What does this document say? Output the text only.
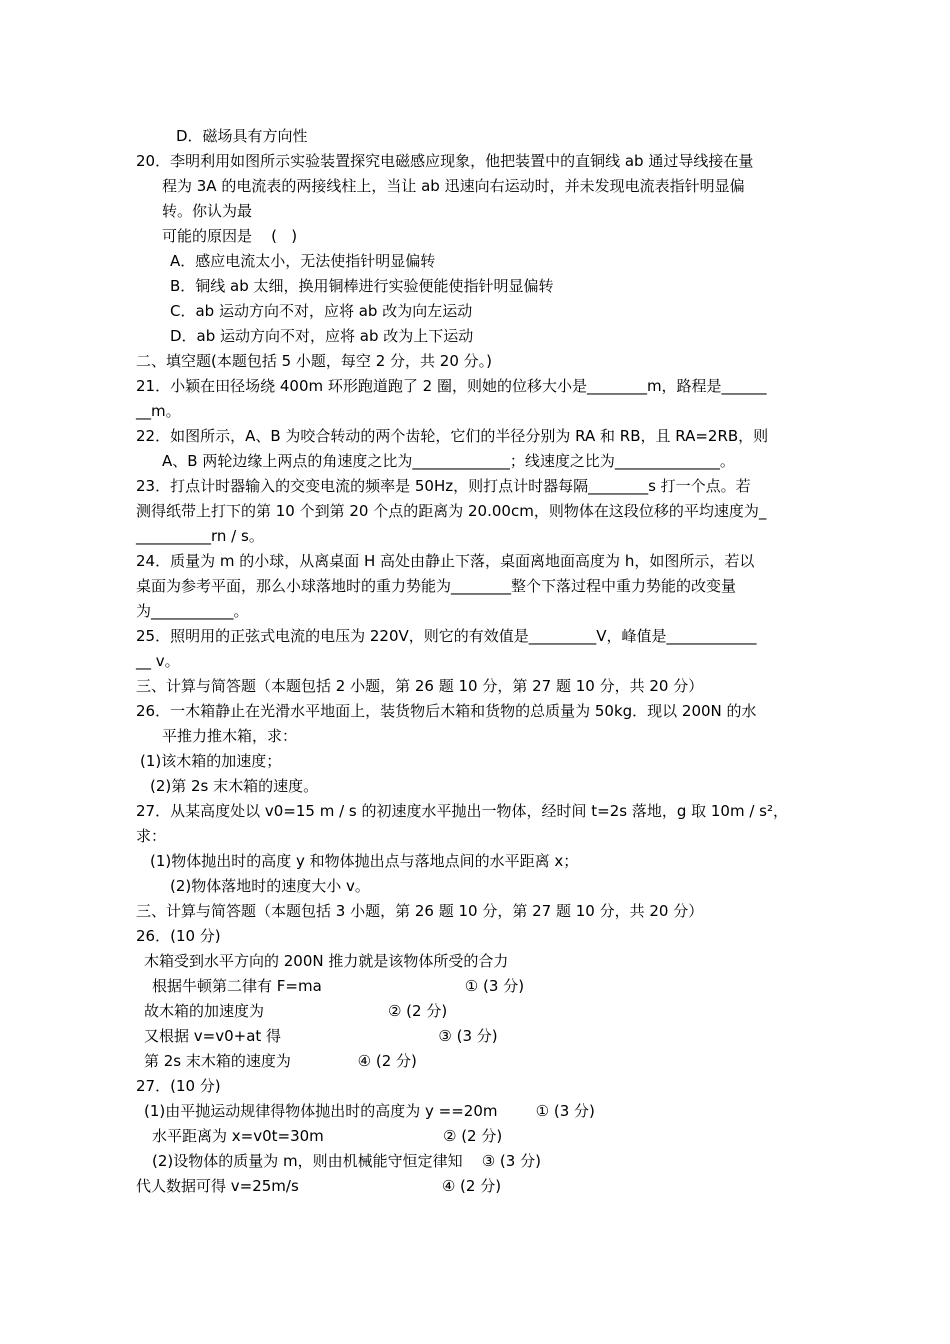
D．磁场具有方向性
20．李明利用如图所示实验装置探究电磁感应现象，他把装置中的直铜线 ab 通过导线接在量
程为 3A 的电流表的两接线柱上，当让 ab 迅速向右运动时，并未发现电流表指针明显偏
转。你认为最
可能的原因是    (   )
A．感应电流太小，无法使指针明显偏转
B．铜线 ab 太细，换用铜棒进行实验便能使指针明显偏转
C．ab 运动方向不对，应将 ab 改为向左运动
D．ab 运动方向不对，应将 ab 改为上下运动
二、填空题(本题包括 5 小题，每空 2 分，共 20 分。)
21．小颖在田径场绕 400m 环形跑道跑了 2 圈，则她的位移大小是________m，路程是______
__m。
22．如图所示，A、B 为咬合转动的两个齿轮，它们的半径分别为 RA 和 RB，且 RA=2RB，则
A、B 两轮边缘上两点的角速度之比为_____________；线速度之比为______________。
23．打点计时器输入的交变电流的频率是 50Hz，则打点计时器每隔________s 打一个点。若
测得纸带上打下的第 10 个到第 20 个点的距离为 20.00cm，则物体在这段位移的平均速度为_
__________rn / s。
24．质量为 m 的小球，从离桌面 H 高处由静止下落，桌面离地面高度为 h，如图所示，若以
桌面为参考平面，那么小球落地时的重力势能为________整个下落过程中重力势能的改变量
为___________。
25．照明用的正弦式电流的电压为 220V，则它的有效值是_________V，峰值是____________
__ v。
三、计算与简答题（本题包括 2 小题，第 26 题 10 分，第 27 题 10 分，共 20 分）
26．一木箱静止在光滑水平地面上，装货物后木箱和货物的总质量为 50kg．现以 200N 的水
平推力推木箱，求：
(1)该木箱的加速度；
(2)第 2s 末木箱的速度。
27．从某高度处以 v0=15 m / s 的初速度水平抛出一物体，经时间 t=2s 落地，g 取 10m / s²，
求：
(1)物体抛出时的高度 y 和物体抛出点与落地点间的水平距离 x；
(2)物体落地时的速度大小 v。
三、计算与简答题（本题包括 3 小题，第 26 题 10 分，第 27 题 10 分，共 20 分）
26．(10 分)
木箱受到水平方向的 200N 推力就是该物体所受的合力
根据牛顿第二律有 F=ma                              ① (3 分)
故木箱的加速度为                          ② (2 分)
又根据 v=v0+at 得                                 ③ (3 分)
第 2s 末木箱的速度为              ④ (2 分)
27．(10 分)
(1)由平抛运动规律得物体抛出时的高度为 y ==20m        ① (3 分)
水平距离为 x=v0t=30m                         ② (2 分)
(2)设物体的质量为 m，则由机械能守恒定律知    ③ (3 分)
代人数据可得 v=25m/s                              ④ (2 分)
